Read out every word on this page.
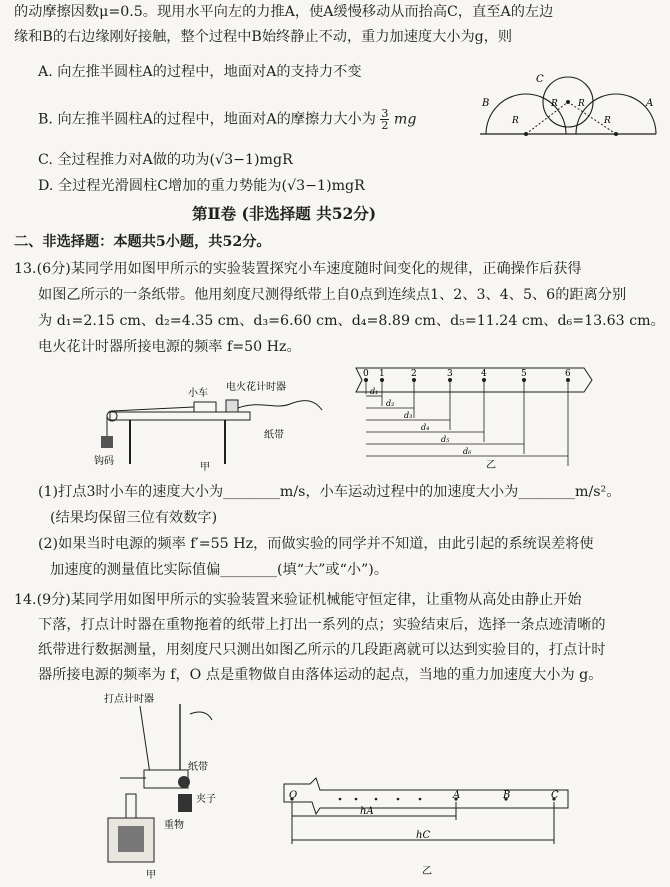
的动摩擦因数μ=0.5。现用水平向左的力推A，使A缓慢移动从而抬高C，直至A的左边
缘和B的右边缘刚好接触，整个过程中B始终静止不动，重力加速度大小为g，则
A. 向左推半圆柱A的过程中，地面对A的支持力不变
B. 向左推半圆柱A的过程中，地面对A的摩擦力大小为 $\frac{3}{2}$ mg
C. 全过程推力对A做的功为(√3−1)mgR
D. 全过程光滑圆柱C增加的重力势能为(√3−1)mgR
B
C
A
R
R R
R
第Ⅱ卷 (非选择题 共52分)
二、非选择题：本题共5小题，共52分。
13.(6分)某同学用如图甲所示的实验装置探究小车速度随时间变化的规律，正确操作后获得
如图乙所示的一条纸带。他用刻度尺测得纸带上自0点到连续点1、2、3、4、5、6的距离分别
为 d₁=2.15 cm、d₂=4.35 cm、d₃=6.60 cm、d₄=8.89 cm、d₅=11.24 cm、d₆=13.63 cm。
电火花计时器所接电源的频率 f=50 Hz。
钩码
小车
电火花计时器
纸带
甲
0 1	2	3	4	5	6
d₁
d₂
d₃
d₄
d₅
d₆
乙
(1)打点3时小车的速度大小为________m/s，小车运动过程中的加速度大小为________m/s²。
(结果均保留三位有效数字)
(2)如果当时电源的频率 f′=55 Hz，而做实验的同学并不知道，由此引起的系统误差将使
加速度的测量值比实际值偏________(填“大”或“小”)。
14.(9分)某同学用如图甲所示的实验装置来验证机械能守恒定律，让重物从高处由静止开始
下落，打点计时器在重物拖着的纸带上打出一系列的点；实验结束后，选择一条点迹清晰的
纸带进行数据测量，用刻度尺只测出如图乙所示的几段距离就可以达到实验目的，打点计时
器所接电源的频率为 f，O 点是重物做自由落体运动的起点，当地的重力加速度大小为 g。
打点计时器
纸带
夹子
重物
甲
O	A	B	C
hA
hC
乙
